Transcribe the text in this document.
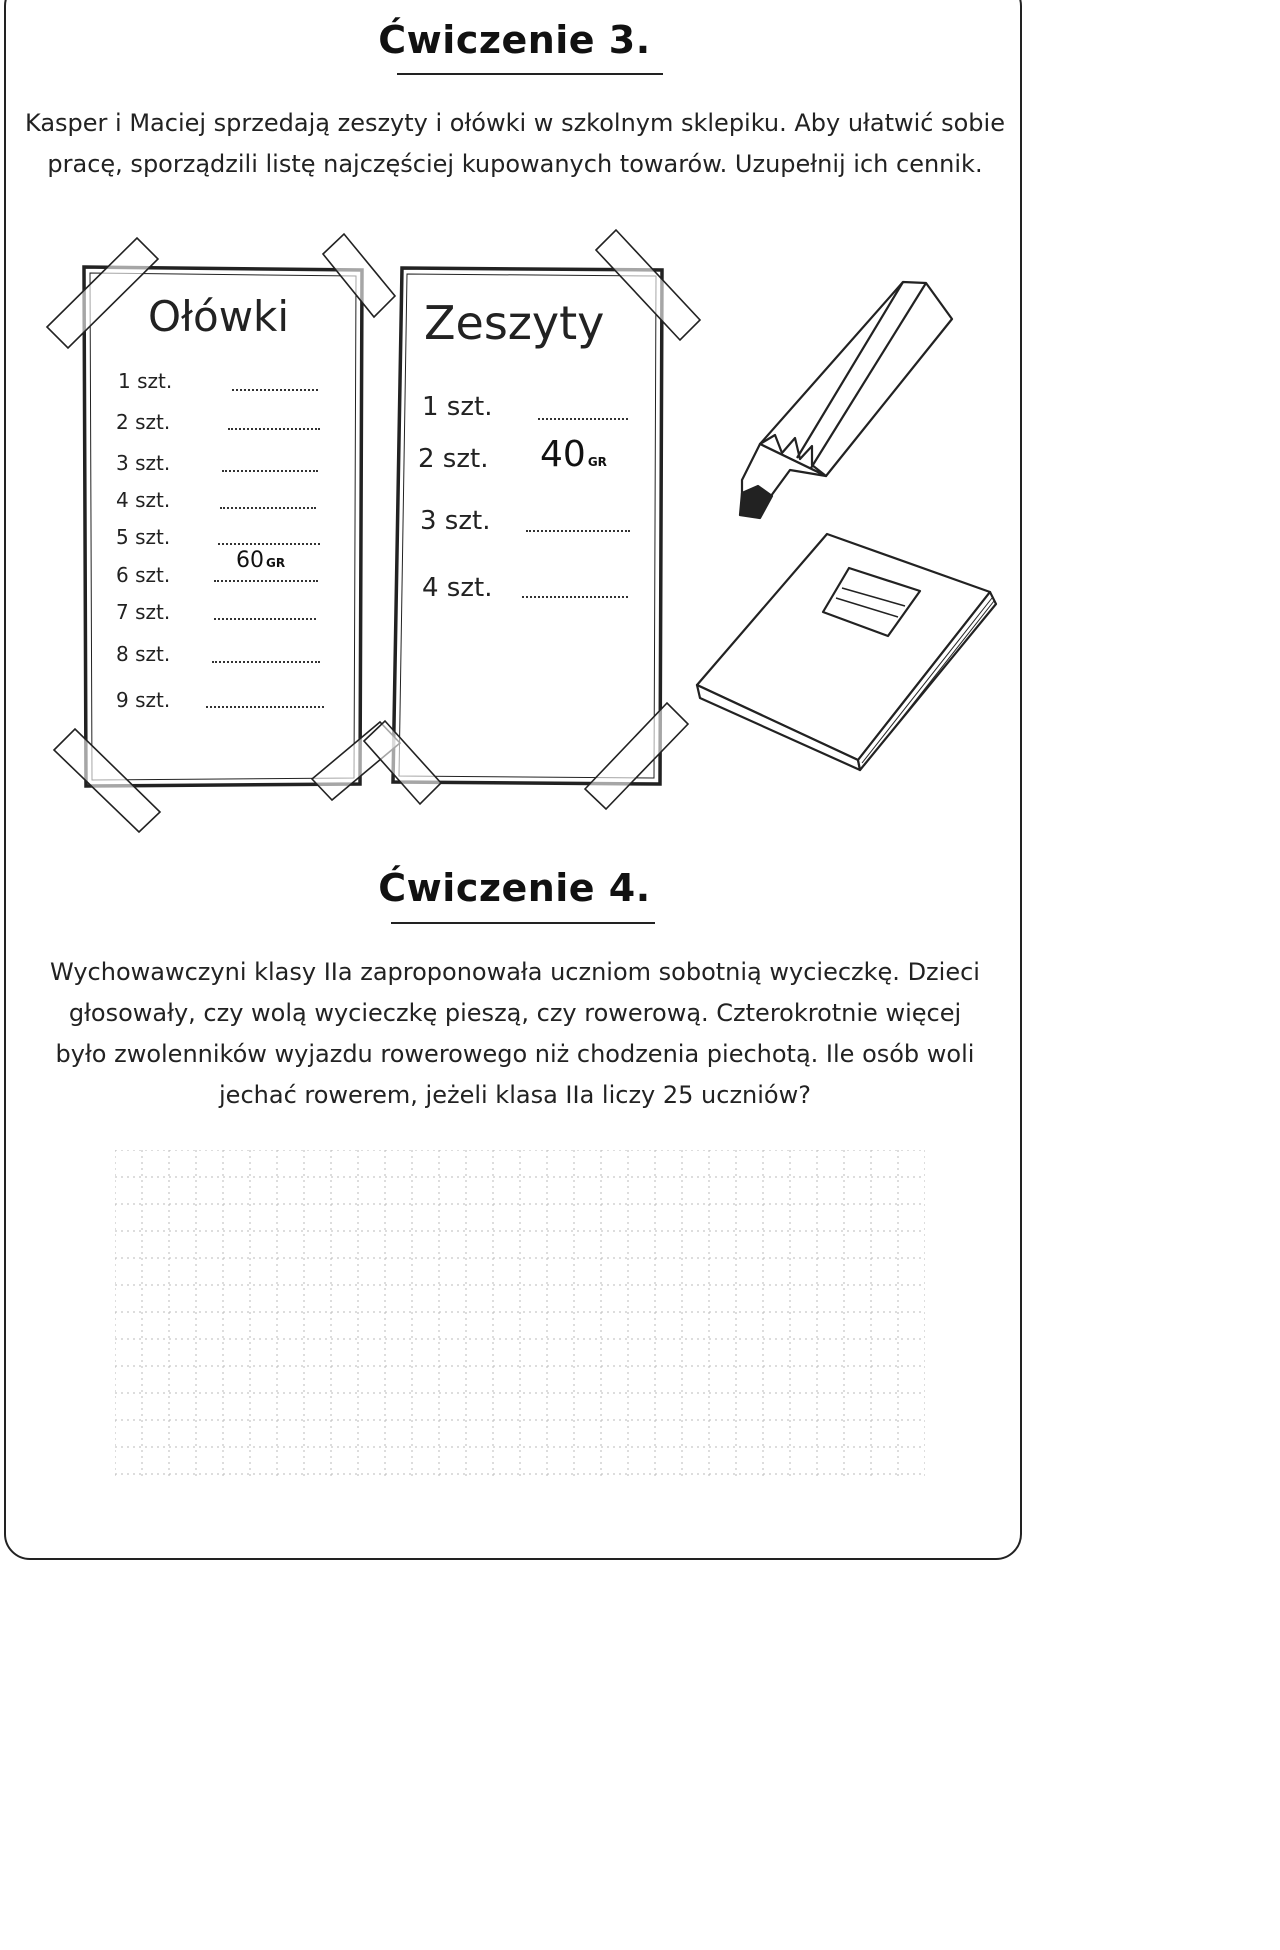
Ćwiczenie 3.
Kasper i Maciej sprzedają zeszyty i ołówki w szkolnym sklepiku. Aby ułatwić sobie
pracę, sporządzili listę najczęściej kupowanych towarów. Uzupełnij ich cennik.
Ołówki
1 szt.
2 szt.
3 szt.
4 szt.
5 szt.
6 szt.
60 GR
7 szt.
8 szt.
9 szt.
Zeszyty
1 szt.
2 szt. 40 GR
3 szt.
4 szt.
Ćwiczenie 4.
Wychowawczyni klasy IIa zaproponowała uczniom sobotnią wycieczkę. Dzieci
głosowały, czy wolą wycieczkę pieszą, czy rowerową. Czterokrotnie więcej
było zwolenników wyjazdu rowerowego niż chodzenia piechotą. Ile osób woli
jechać rowerem, jeżeli klasa IIa liczy 25 uczniów?
